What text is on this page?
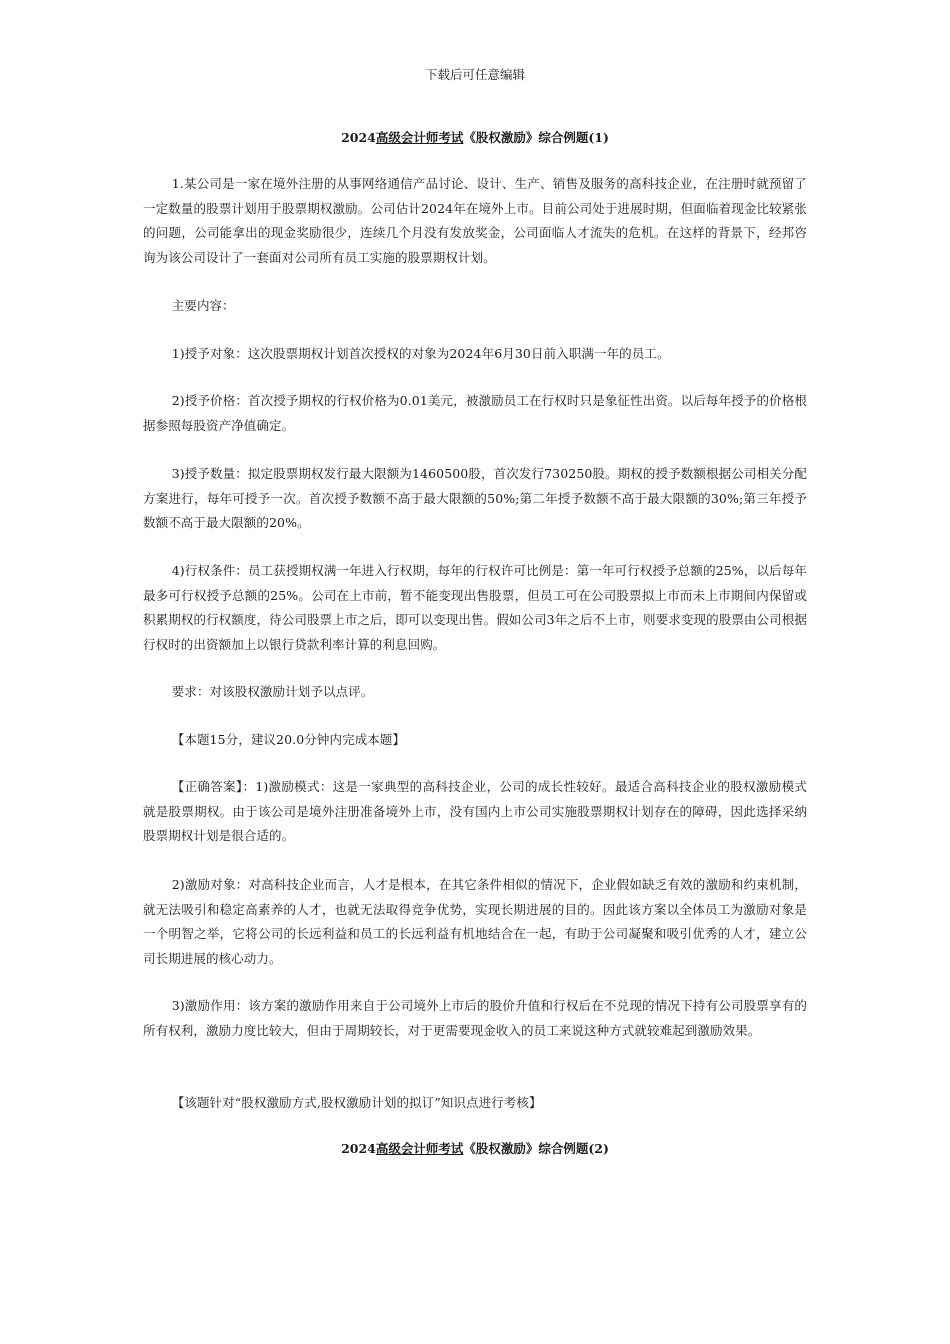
下载后可任意编辑
2024高级会计师考试《股权激励》综合例题(1)
1.某公司是一家在境外注册的从事网络通信产品讨论、设计、生产、销售及服务的高科技企业，在注册时就预留了一定数量的股票计划用于股票期权激励。公司估计2024年在境外上市。目前公司处于进展时期，但面临着现金比较紧张的问题，公司能拿出的现金奖励很少，连续几个月没有发放奖金，公司面临人才流失的危机。在这样的背景下，经邦咨询为该公司设计了一套面对公司所有员工实施的股票期权计划。
主要内容：
1)授予对象：这次股票期权计划首次授权的对象为2024年6月30日前入职满一年的员工。
2)授予价格：首次授予期权的行权价格为0.01美元，被激励员工在行权时只是象征性出资。以后每年授予的价格根据参照每股资产净值确定。
3)授予数量：拟定股票期权发行最大限额为1460500股，首次发行730250股。期权的授予数额根据公司相关分配方案进行，每年可授予一次。首次授予数额不高于最大限额的50%;第二年授予数额不高于最大限额的30%;第三年授予数额不高于最大限额的20%。
4)行权条件：员工获授期权满一年进入行权期，每年的行权许可比例是：第一年可行权授予总额的25%，以后每年最多可行权授予总额的25%。公司在上市前，暂不能变现出售股票，但员工可在公司股票拟上市而未上市期间内保留或积累期权的行权额度，待公司股票上市之后，即可以变现出售。假如公司3年之后不上市，则要求变现的股票由公司根据行权时的出资额加上以银行贷款利率计算的利息回购。
要求：对该股权激励计划予以点评。
【本题15分，建议20.0分钟内完成本题】
【正确答案】：1)激励模式：这是一家典型的高科技企业，公司的成长性较好。最适合高科技企业的股权激励模式就是股票期权。由于该公司是境外注册准备境外上市，没有国内上市公司实施股票期权计划存在的障碍，因此选择采纳股票期权计划是很合适的。
2)激励对象：对高科技企业而言，人才是根本，在其它条件相似的情况下，企业假如缺乏有效的激励和约束机制，就无法吸引和稳定高素养的人才，也就无法取得竞争优势，实现长期进展的目的。因此该方案以全体员工为激励对象是一个明智之举，它将公司的长远利益和员工的长远利益有机地结合在一起，有助于公司凝聚和吸引优秀的人才，建立公司长期进展的核心动力。
3)激励作用：该方案的激励作用来自于公司境外上市后的股价升值和行权后在不兑现的情况下持有公司股票享有的所有权利，激励力度比较大，但由于周期较长，对于更需要现金收入的员工来说这种方式就较难起到激励效果。
【该题针对“股权激励方式,股权激励计划的拟订”知识点进行考核】
2024高级会计师考试《股权激励》综合例题(2)
